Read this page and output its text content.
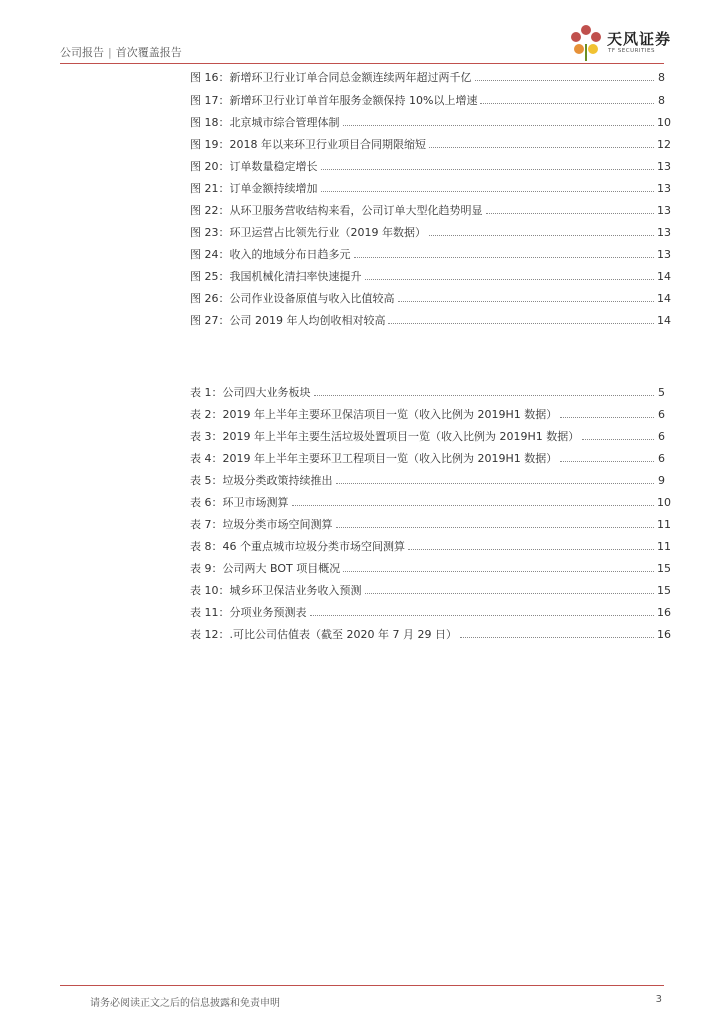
公司报告 | 首次覆盖报告
天风证券
TF SECURITIES
图 16：新增环卫行业订单合同总金额连续两年超过两千亿	8
图 17：新增环卫行业订单首年服务金额保持 10%以上增速	8
图 18：北京城市综合管理体制	10
图 19：2018 年以来环卫行业项目合同期限缩短	12
图 20：订单数量稳定增长	13
图 21：订单金额持续增加	13
图 22：从环卫服务营收结构来看，公司订单大型化趋势明显	13
图 23：环卫运营占比领先行业（2019 年数据）	13
图 24：收入的地域分布日趋多元	13
图 25：我国机械化清扫率快速提升	14
图 26：公司作业设备原值与收入比值较高	14
图 27：公司 2019 年人均创收相对较高	14
表 1：公司四大业务板块	5
表 2：2019 年上半年主要环卫保洁项目一览（收入比例为 2019H1 数据）	6
表 3：2019 年上半年主要生活垃圾处置项目一览（收入比例为 2019H1 数据）	6
表 4：2019 年上半年主要环卫工程项目一览（收入比例为 2019H1 数据）	6
表 5：垃圾分类政策持续推出	9
表 6：环卫市场测算	10
表 7：垃圾分类市场空间测算	11
表 8：46 个重点城市垃圾分类市场空间测算	11
表 9：公司两大 BOT 项目概况	15
表 10：城乡环卫保洁业务收入预测	15
表 11：分项业务预测表	16
表 12：.可比公司估值表（截至 2020 年 7 月 29 日）	16
请务必阅读正文之后的信息披露和免责申明	3
